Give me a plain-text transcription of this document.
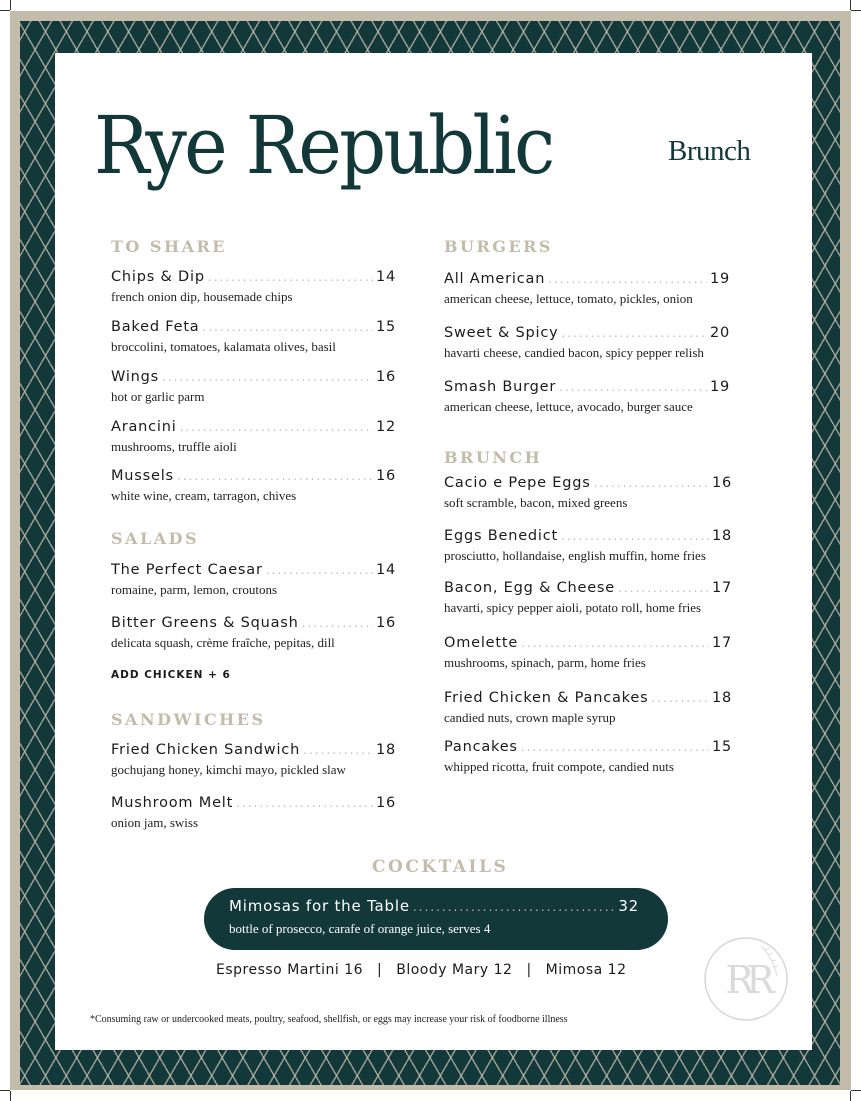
Rye Republic	Brunch
TO SHARE
Chips & Dip .....	14
french onion dip, housemade chips
Baked Feta .....	15
broccolini, tomatoes, kalamata olives, basil
Wings .....	16
hot or garlic parm
Arancini .....	12
mushrooms, truffle aioli
Mussels .....	16
white wine, cream, tarragon, chives
SALADS
The Perfect Caesar .....	14
romaine, parm, lemon, croutons
Bitter Greens & Squash .....	16
delicata squash, crème fraîche, pepitas, dill
ADD CHICKEN + 6
SANDWICHES
Fried Chicken Sandwich .....	18
gochujang honey, kimchi mayo, pickled slaw
Mushroom Melt .....	16
onion jam, swiss
BURGERS
All American .....	19
american cheese, lettuce, tomato, pickles, onion
Sweet & Spicy .....	20
havarti cheese, candied bacon, spicy pepper relish
Smash Burger .....	19
american cheese, lettuce, avocado, burger sauce
BRUNCH
Cacio e Pepe Eggs .....	16
soft scramble, bacon, mixed greens
Eggs Benedict .....	18
prosciutto, hollandaise, english muffin, home fries
Bacon, Egg & Cheese .....	17
havarti, spicy pepper aioli, potato roll, home fries
Omelette .....	17
mushrooms, spinach, parm, home fries
Fried Chicken & Pancakes .....	18
candied nuts, crown maple syrup
Pancakes .....	15
whipped ricotta, fruit compote, candied nuts
COCKTAILS
Mimosas for the Table .....	32
bottle of prosecco, carafe of orange juice, serves 4
Espresso Martini 16 | Bloody Mary 12 | Mimosa 12	RR
*Consuming raw or undercooked meats, poultry, seafood, shellfish, or eggs may increase your risk of foodborne illness
